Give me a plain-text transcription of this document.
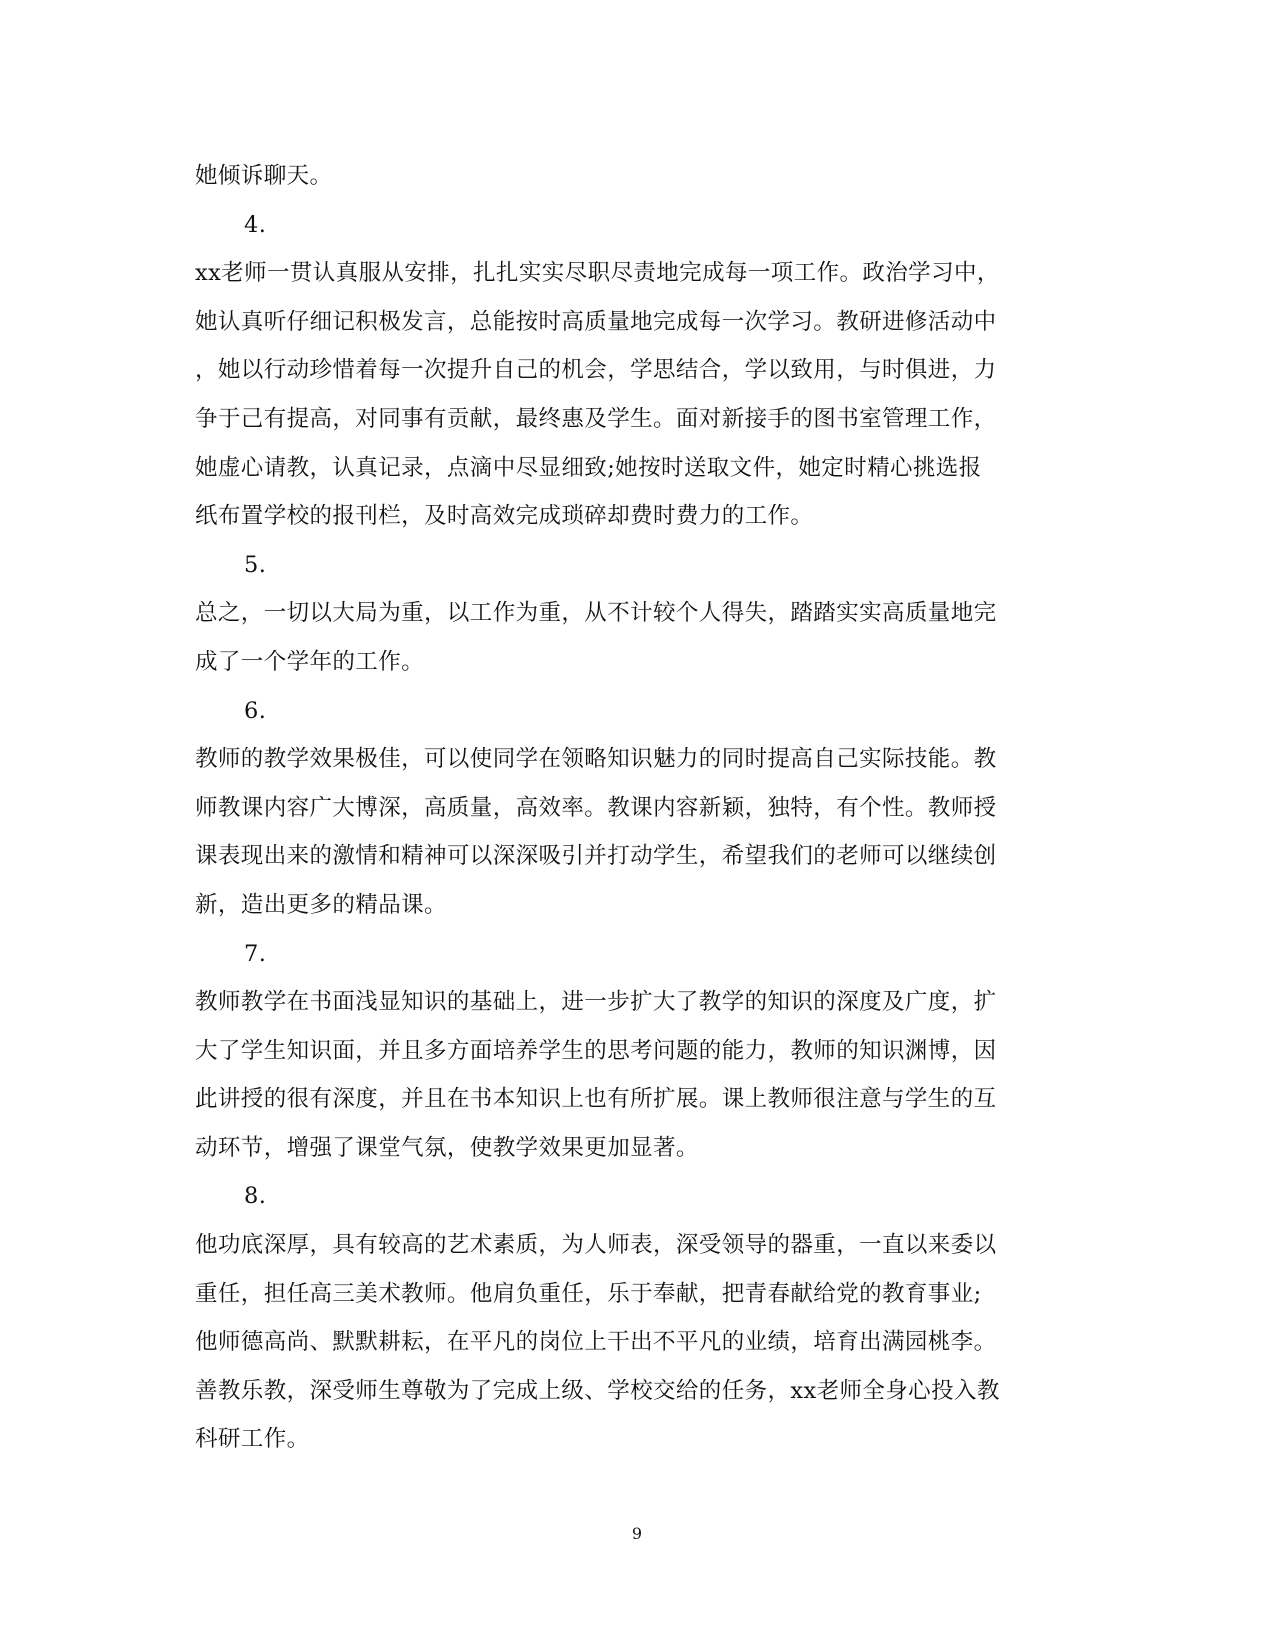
她倾诉聊天。
4.
xx老师一贯认真服从安排，扎扎实实尽职尽责地完成每一项工作。政治学习中，
她认真听仔细记积极发言，总能按时高质量地完成每一次学习。教研进修活动中
，她以行动珍惜着每一次提升自己的机会，学思结合，学以致用，与时俱进，力
争于己有提高，对同事有贡献，最终惠及学生。面对新接手的图书室管理工作，
她虚心请教，认真记录，点滴中尽显细致;她按时送取文件，她定时精心挑选报
纸布置学校的报刊栏，及时高效完成琐碎却费时费力的工作。
5.
总之，一切以大局为重，以工作为重，从不计较个人得失，踏踏实实高质量地完
成了一个学年的工作。
6.
教师的教学效果极佳，可以使同学在领略知识魅力的同时提高自己实际技能。教
师教课内容广大博深，高质量，高效率。教课内容新颖，独特，有个性。教师授
课表现出来的激情和精神可以深深吸引并打动学生，希望我们的老师可以继续创
新，造出更多的精品课。
7.
教师教学在书面浅显知识的基础上，进一步扩大了教学的知识的深度及广度，扩
大了学生知识面，并且多方面培养学生的思考问题的能力，教师的知识渊博，因
此讲授的很有深度，并且在书本知识上也有所扩展。课上教师很注意与学生的互
动环节，增强了课堂气氛，使教学效果更加显著。
8.
他功底深厚，具有较高的艺术素质，为人师表，深受领导的器重，一直以来委以
重任，担任高三美术教师。他肩负重任，乐于奉献，把青春献给党的教育事业;
他师德高尚、默默耕耘，在平凡的岗位上干出不平凡的业绩，培育出满园桃李。
善教乐教，深受师生尊敬为了完成上级、学校交给的任务，xx老师全身心投入教
科研工作。
9
